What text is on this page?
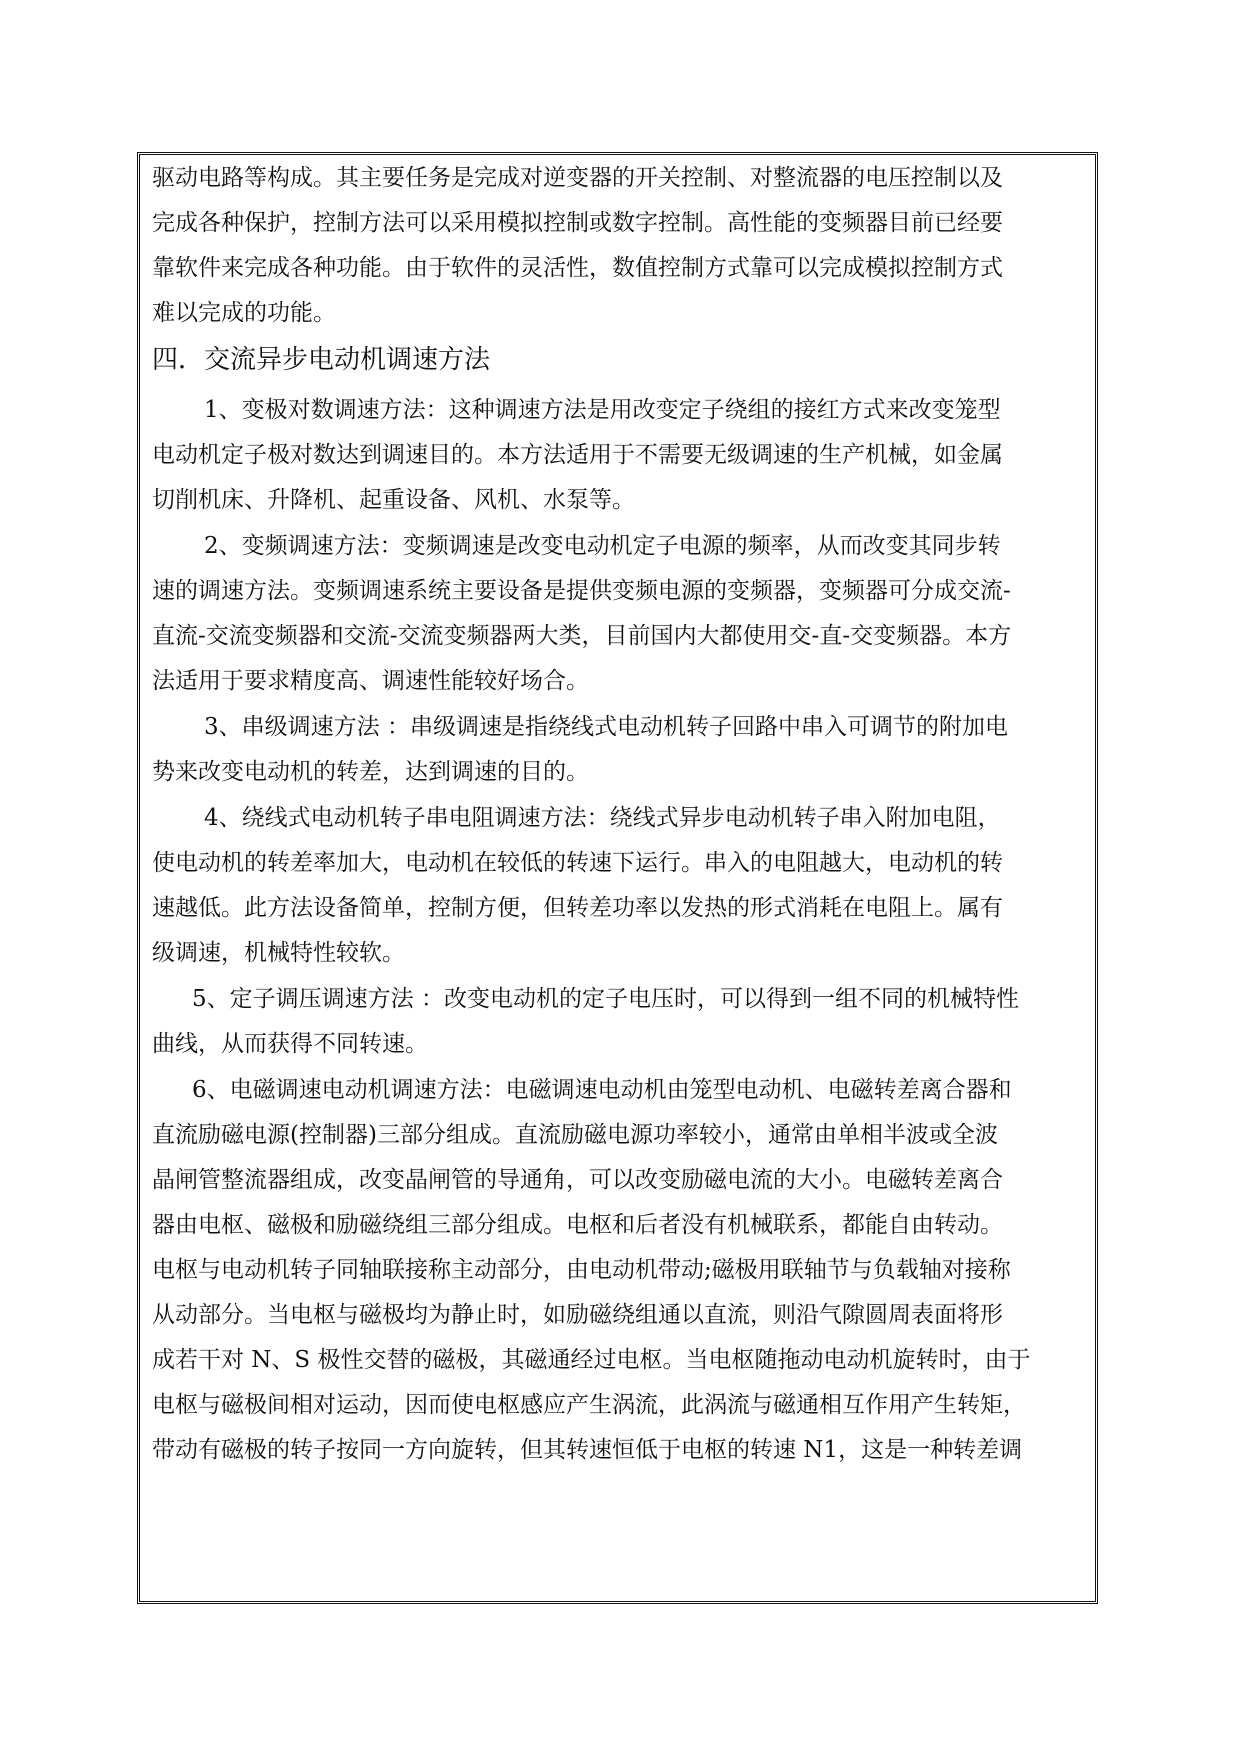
驱动电路等构成。其主要任务是完成对逆变器的开关控制、对整流器的电压控制以及
完成各种保护，控制方法可以采用模拟控制或数字控制。高性能的变频器目前已经要
靠软件来完成各种功能。由于软件的灵活性，数值控制方式靠可以完成模拟控制方式
难以完成的功能。
四．交流异步电动机调速方法
1、变极对数调速方法：这种调速方法是用改变定子绕组的接红方式来改变笼型
电动机定子极对数达到调速目的。本方法适用于不需要无级调速的生产机械，如金属
切削机床、升降机、起重设备、风机、水泵等。
2、变频调速方法：变频调速是改变电动机定子电源的频率，从而改变其同步转
速的调速方法。变频调速系统主要设备是提供变频电源的变频器，变频器可分成交流-
直流-交流变频器和交流-交流变频器两大类，目前国内大都使用交-直-交变频器。本方
法适用于要求精度高、调速性能较好场合。
3、串级调速方法 ：串级调速是指绕线式电动机转子回路中串入可调节的附加电
势来改变电动机的转差，达到调速的目的。
4、绕线式电动机转子串电阻调速方法：绕线式异步电动机转子串入附加电阻，
使电动机的转差率加大，电动机在较低的转速下运行。串入的电阻越大，电动机的转
速越低。此方法设备简单，控制方便，但转差功率以发热的形式消耗在电阻上。属有
级调速，机械特性较软。
5、定子调压调速方法 ：改变电动机的定子电压时，可以得到一组不同的机械特性
曲线，从而获得不同转速。
6、电磁调速电动机调速方法：电磁调速电动机由笼型电动机、电磁转差离合器和
直流励磁电源(控制器)三部分组成。直流励磁电源功率较小，通常由单相半波或全波
晶闸管整流器组成，改变晶闸管的导通角，可以改变励磁电流的大小。电磁转差离合
器由电枢、磁极和励磁绕组三部分组成。电枢和后者没有机械联系，都能自由转动。
电枢与电动机转子同轴联接称主动部分，由电动机带动;磁极用联轴节与负载轴对接称
从动部分。当电枢与磁极均为静止时，如励磁绕组通以直流，则沿气隙圆周表面将形
成若干对 N、S 极性交替的磁极，其磁通经过电枢。当电枢随拖动电动机旋转时，由于
电枢与磁极间相对运动，因而使电枢感应产生涡流，此涡流与磁通相互作用产生转矩，
带动有磁极的转子按同一方向旋转，但其转速恒低于电枢的转速 N1，这是一种转差调
